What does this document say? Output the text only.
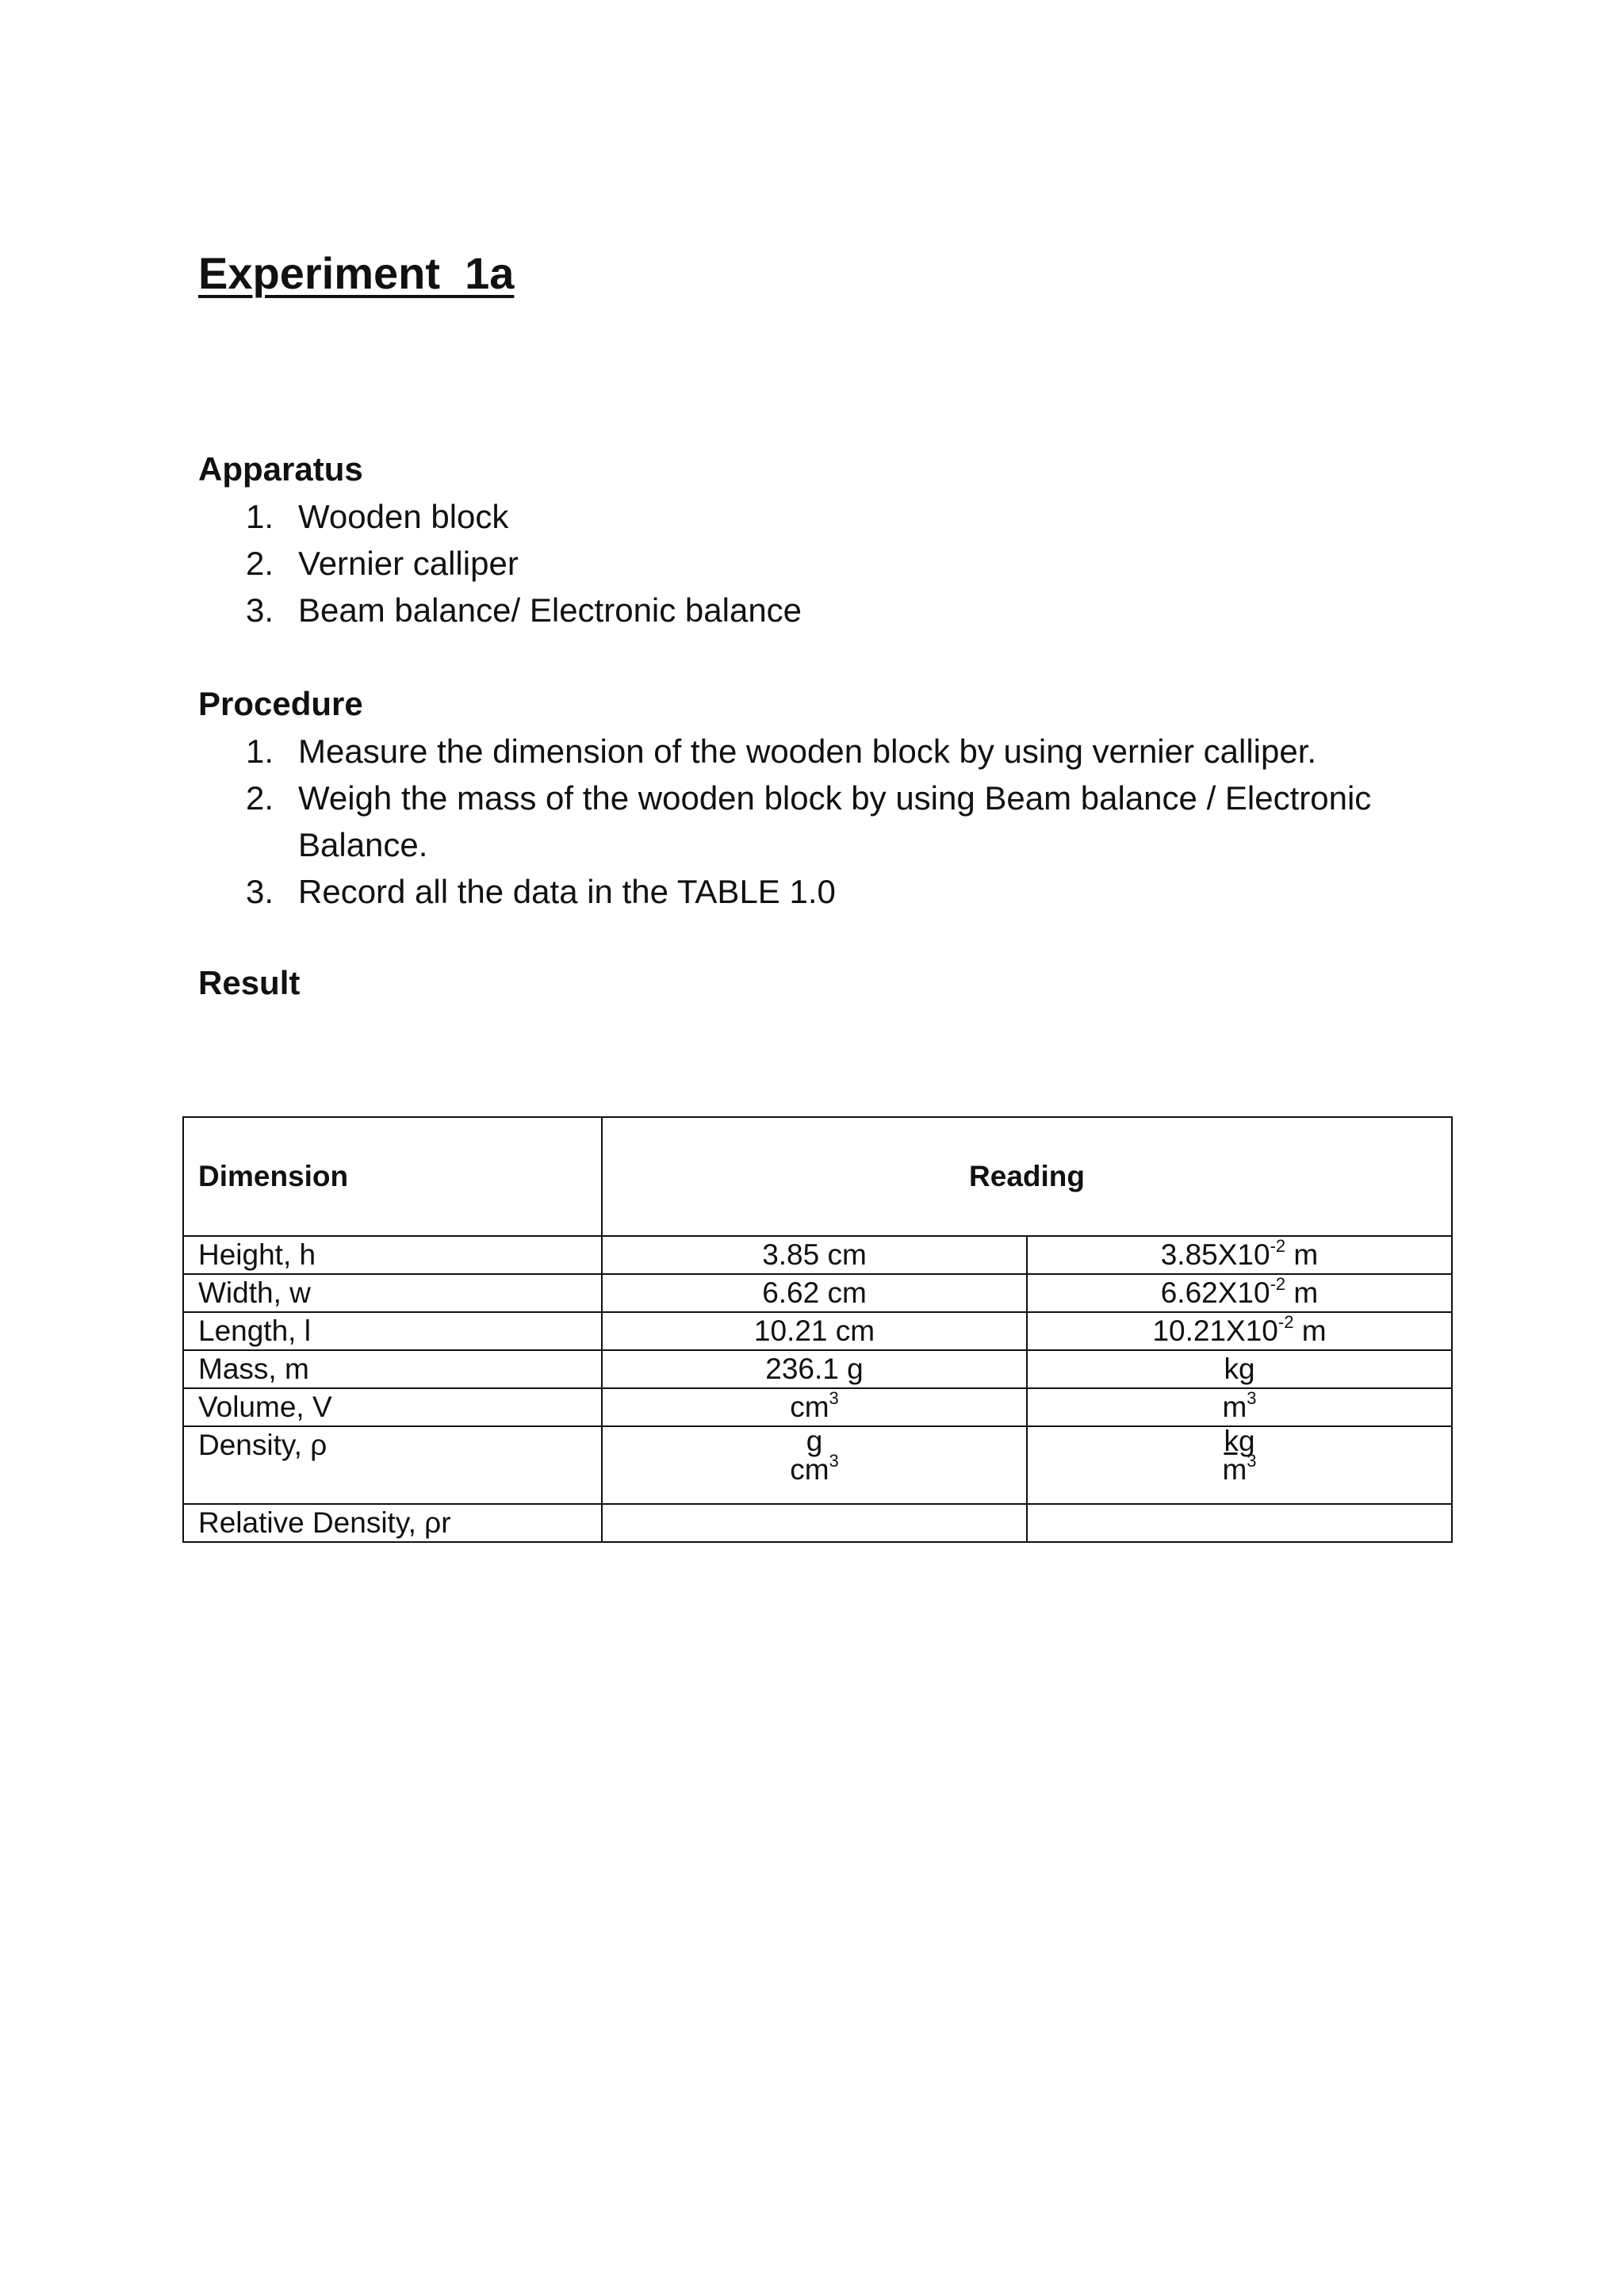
Experiment  1a
Apparatus
1. Wooden block
2. Vernier calliper
3. Beam balance/ Electronic balance
Procedure
1. Measure the dimension of the wooden block by using vernier calliper.
2. Weigh the mass of the wooden block by using Beam balance / Electronic
Balance.
3. Record all the data in the TABLE 1.0
Result
Dimension	Reading	
Height, h	3.85 cm	$3.85X10^{-2}$ m
Width, w	6.62 cm	$6.62X10^{-2}$ m
Length, l	10.21 cm	$10.21X10^{-2}$ m
Mass, m	236.1 g	kg
Volume, V	$cm^3$	$m^3$
Density, ρ	$\frac{g}{cm^3}$	$\frac{kg}{m^3}$

Relative Density, ρr		
